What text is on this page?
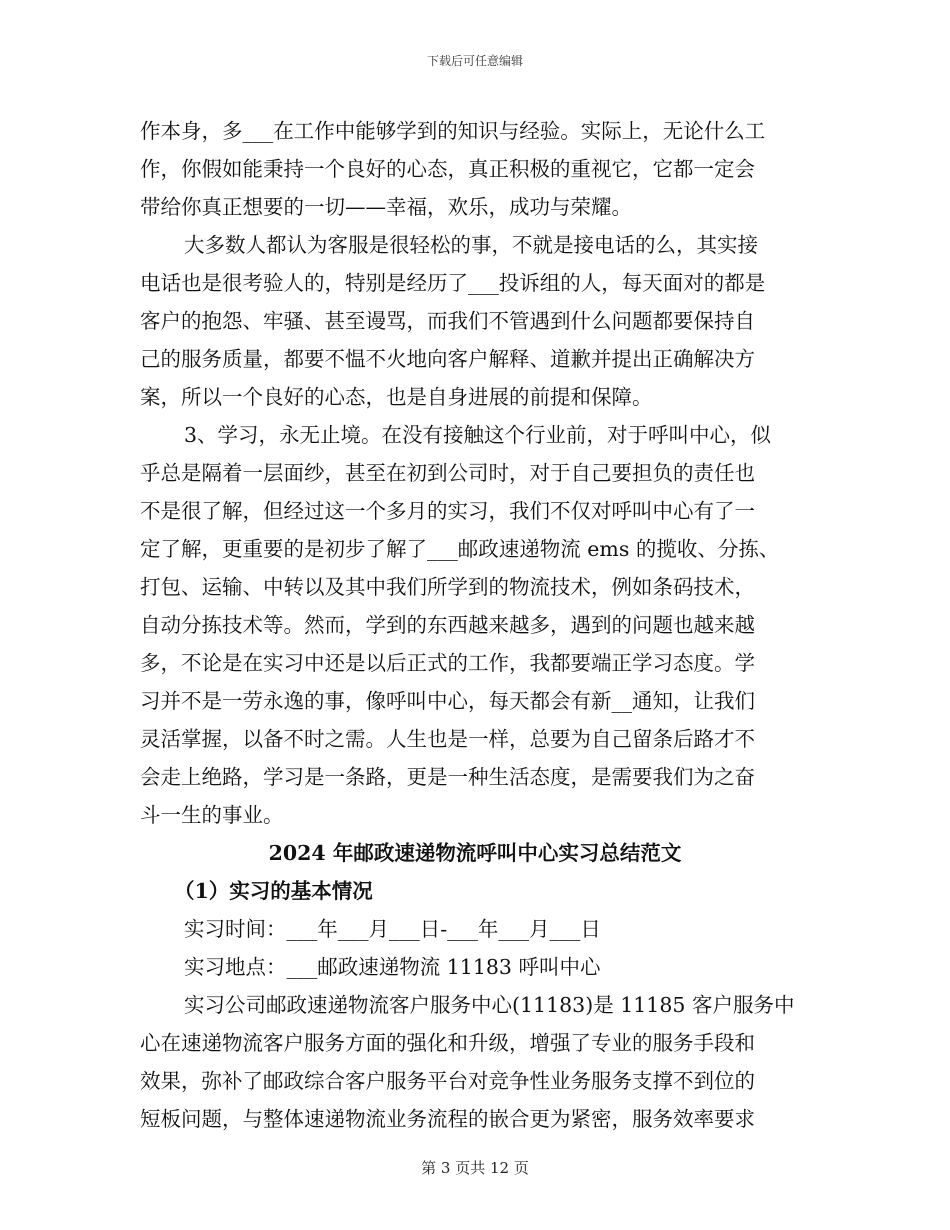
下载后可任意编辑
作本身，多___在工作中能够学到的知识与经验。实际上，无论什么工
作，你假如能秉持一个良好的心态，真正积极的重视它，它都一定会
带给你真正想要的一切——幸福，欢乐，成功与荣耀。
大多数人都认为客服是很轻松的事，不就是接电话的么，其实接
电话也是很考验人的，特别是经历了___投诉组的人，每天面对的都是
客户的抱怨、牢骚、甚至谩骂，而我们不管遇到什么问题都要保持自
己的服务质量，都要不愠不火地向客户解释、道歉并提出正确解决方
案，所以一个良好的心态，也是自身进展的前提和保障。
3、学习，永无止境。在没有接触这个行业前，对于呼叫中心，似
乎总是隔着一层面纱，甚至在初到公司时，对于自己要担负的责任也
不是很了解，但经过这一个多月的实习，我们不仅对呼叫中心有了一
定了解，更重要的是初步了解了___邮政速递物流 ems 的揽收、分拣、
打包、运输、中转以及其中我们所学到的物流技术，例如条码技术，
自动分拣技术等。然而，学到的东西越来越多，遇到的问题也越来越
多，不论是在实习中还是以后正式的工作，我都要端正学习态度。学
习并不是一劳永逸的事，像呼叫中心，每天都会有新__通知，让我们
灵活掌握，以备不时之需。人生也是一样，总要为自己留条后路才不
会走上绝路，学习是一条路，更是一种生活态度，是需要我们为之奋
斗一生的事业。
2024 年邮政速递物流呼叫中心实习总结范文
（1）实习的基本情况
实习时间：___年___月___日-___年___月___日
实习地点：___邮政速递物流 11183 呼叫中心
实习公司邮政速递物流客户服务中心(11183)是 11185 客户服务中
心在速递物流客户服务方面的强化和升级，增强了专业的服务手段和
效果，弥补了邮政综合客户服务平台对竞争性业务服务支撑不到位的
短板问题，与整体速递物流业务流程的嵌合更为紧密，服务效率要求
第 3 页共 12 页
